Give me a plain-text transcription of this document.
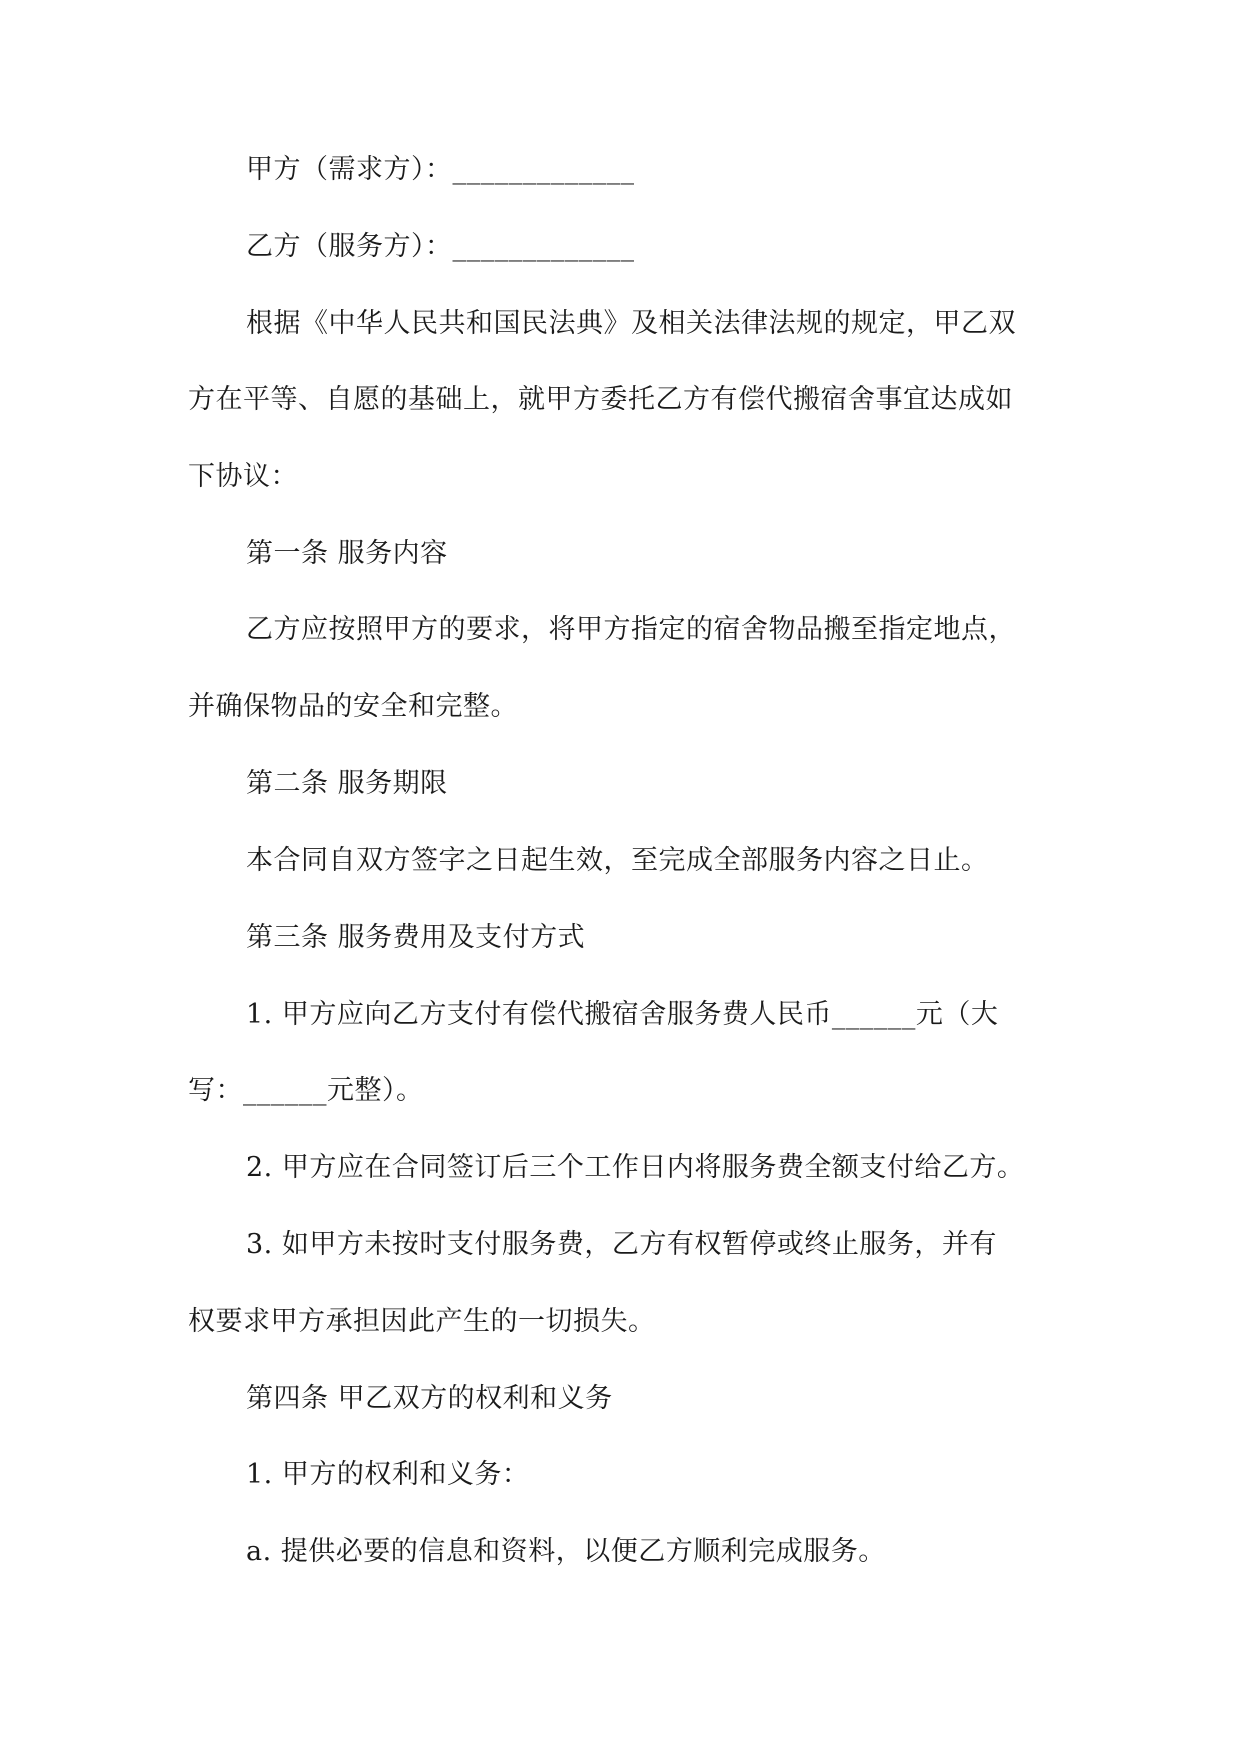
甲方（需求方）：_____________
乙方（服务方）：_____________
根据《中华人民共和国民法典》及相关法律法规的规定，甲乙双
方在平等、自愿的基础上，就甲方委托乙方有偿代搬宿舍事宜达成如
下协议：
第一条 服务内容
乙方应按照甲方的要求，将甲方指定的宿舍物品搬至指定地点，
并确保物品的安全和完整。
第二条 服务期限
本合同自双方签字之日起生效，至完成全部服务内容之日止。
第三条 服务费用及支付方式
1. 甲方应向乙方支付有偿代搬宿舍服务费人民币______元（大
写：______元整）。
2. 甲方应在合同签订后三个工作日内将服务费全额支付给乙方。
3. 如甲方未按时支付服务费，乙方有权暂停或终止服务，并有
权要求甲方承担因此产生的一切损失。
第四条 甲乙双方的权利和义务
1. 甲方的权利和义务：
a. 提供必要的信息和资料，以便乙方顺利完成服务。
